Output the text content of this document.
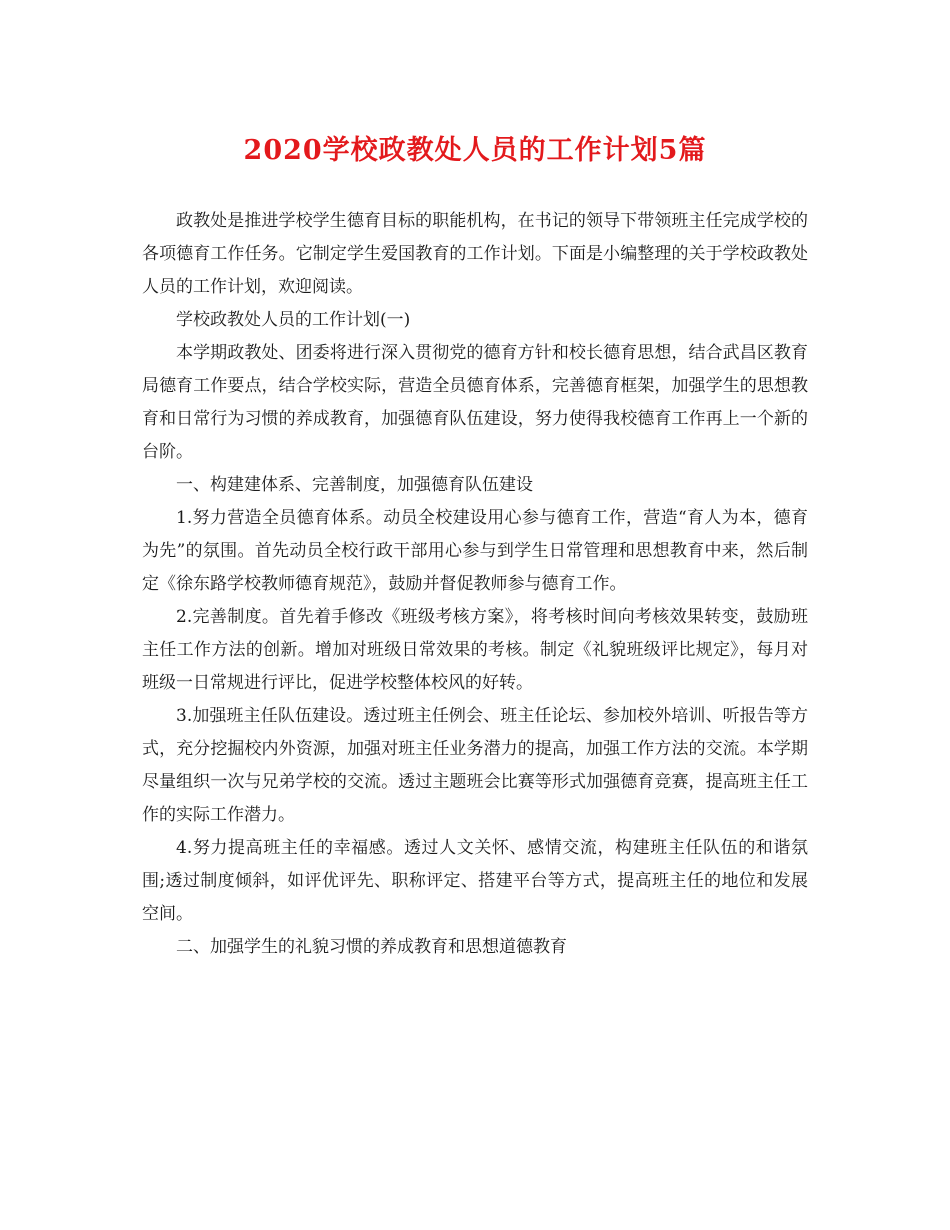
2020学校政教处人员的工作计划5篇

政教处是推进学校学生德育目标的职能机构，在书记的领导下带领班主任完成学校的各项德育工作任务。它制定学生爱国教育的工作计划。下面是小编整理的关于学校政教处人员的工作计划，欢迎阅读。

学校政教处人员的工作计划(一)

本学期政教处、团委将进行深入贯彻党的德育方针和校长德育思想，结合武昌区教育局德育工作要点，结合学校实际，营造全员德育体系，完善德育框架，加强学生的思想教育和日常行为习惯的养成教育，加强德育队伍建设，努力使得我校德育工作再上一个新的台阶。

一、构建建体系、完善制度，加强德育队伍建设

1.努力营造全员德育体系。动员全校建设用心参与德育工作，营造“育人为本，德育为先”的氛围。首先动员全校行政干部用心参与到学生日常管理和思想教育中来，然后制定《徐东路学校教师德育规范》，鼓励并督促教师参与德育工作。

2.完善制度。首先着手修改《班级考核方案》，将考核时间向考核效果转变，鼓励班主任工作方法的创新。增加对班级日常效果的考核。制定《礼貌班级评比规定》，每月对班级一日常规进行评比，促进学校整体校风的好转。

3.加强班主任队伍建设。透过班主任例会、班主任论坛、参加校外培训、听报告等方式，充分挖掘校内外资源，加强对班主任业务潜力的提高，加强工作方法的交流。本学期尽量组织一次与兄弟学校的交流。透过主题班会比赛等形式加强德育竞赛，提高班主任工作的实际工作潜力。

4.努力提高班主任的幸福感。透过人文关怀、感情交流，构建班主任队伍的和谐氛围;透过制度倾斜，如评优评先、职称评定、搭建平台等方式，提高班主任的地位和发展空间。

二、加强学生的礼貌习惯的养成教育和思想道德教育
